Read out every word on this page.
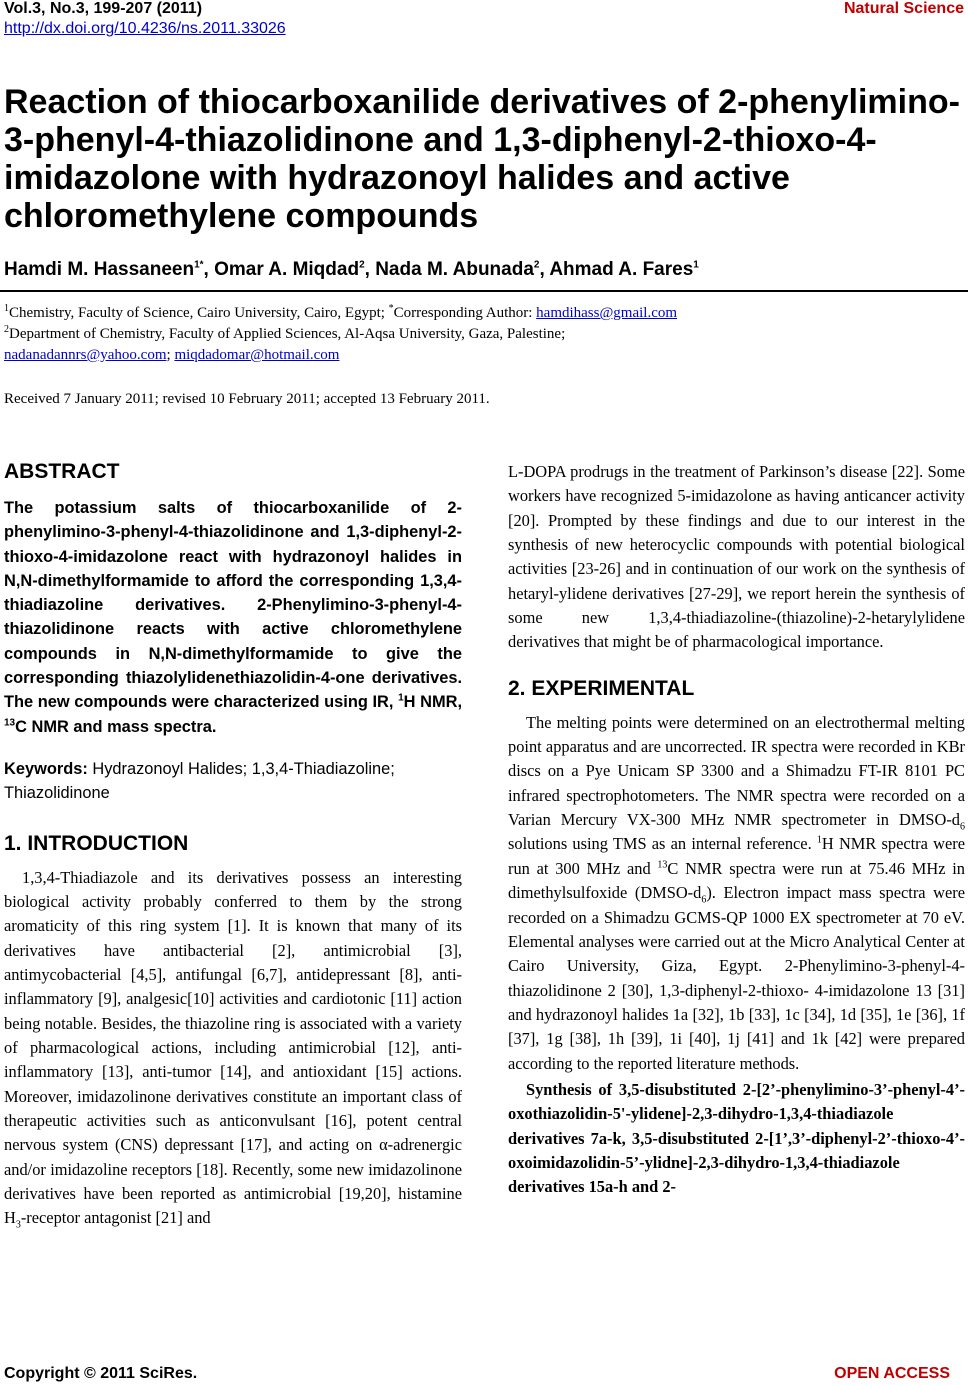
Vol.3, No.3, 199-207 (2011)
http://dx.doi.org/10.4236/ns.2011.33026
Natural Science
Reaction of thiocarboxanilide derivatives of 2-phenylimino-3-phenyl-4-thiazolidinone and 1,3-diphenyl-2-thioxo-4-imidazolone with hydrazonoyl halides and active chloromethylene compounds
Hamdi M. Hassaneen$^{1*}$, Omar A. Miqdad$^2$, Nada M. Abunada$^2$, Ahmad A. Fares$^1$
$^1$Chemistry, Faculty of Science, Cairo University, Cairo, Egypt; *Corresponding Author: hamdihass@gmail.com
$^2$Department of Chemistry, Faculty of Applied Sciences, Al-Aqsa University, Gaza, Palestine;
nadanadannrs@yahoo.com; miqdadomar@hotmail.com
Received 7 January 2011; revised 10 February 2011; accepted 13 February 2011.
ABSTRACT

The potassium salts of thiocarboxanilide of 2-phenylimino-3-phenyl-4-thiazolidinone and 1,3-diphenyl-2-thioxo-4-imidazolone react with hydrazonoyl halides in N,N-dimethylformamide to afford the corresponding 1,3,4-thiadiazoline derivatives. 2-Phenylimino-3-phenyl-4-thiazolidinone reacts with active chloromethylene compounds in N,N-dimethylformamide to give the corresponding thiazolylidenethiazolidin-4-one derivatives. The new compounds were characterized using IR, $^1$H NMR, $^{13}$C NMR and mass spectra.

Keywords: Hydrazonoyl Halides; 1,3,4-Thiadiazoline; Thiazolidinone

1. INTRODUCTION

1,3,4-Thiadiazole and its derivatives possess an interesting biological activity probably conferred to them by the strong aromaticity of this ring system [1]. It is known that many of its derivatives have antibacterial [2], antimicrobial [3], antimycobacterial [4,5], antifungal [6,7], antidepressant [8], anti-inflammatory [9], analgesic[10] activities and cardiotonic [11] action being notable. Besides, the thiazoline ring is associated with a variety of pharmacological actions, including antimicrobial [12], anti-inflammatory [13], anti-tumor [14], and antioxidant [15] actions. Moreover, imidazolinone derivatives constitute an important class of therapeutic activities such as anticonvulsant [16], potent central nervous system (CNS) depressant [17], and acting on α-adrenergic and/or imidazoline receptors [18]. Recently, some new imidazolinone derivatives have been reported as antimicrobial [19,20], histamine $H_3$-receptor antagonist [21] and

L-DOPA prodrugs in the treatment of Parkinson’s disease [22]. Some workers have recognized 5-imidazolone as having anticancer activity [20]. Prompted by these findings and due to our interest in the synthesis of new heterocyclic compounds with potential biological activities [23-26] and in continuation of our work on the synthesis of hetaryl-ylidene derivatives [27-29], we report herein the synthesis of some new 1,3,4-thiadiazoline-(thiazoline)-2-hetarylylidene derivatives that might be of pharmacological importance.

2. EXPERIMENTAL

The melting points were determined on an electrothermal melting point apparatus and are uncorrected. IR spectra were recorded in KBr discs on a Pye Unicam SP 3300 and a Shimadzu FT-IR 8101 PC infrared spectrophotometers. The NMR spectra were recorded on a Varian Mercury VX-300 MHz NMR spectrometer in DMSO-$d_6$ solutions using TMS as an internal reference. $^1$H NMR spectra were run at 300 MHz and $^{13}$C NMR spectra were run at 75.46 MHz in dimethylsulfoxide $(DMSO-d_6)$. Electron impact mass spectra were recorded on a Shimadzu GCMS-QP 1000 EX spectrometer at 70 eV. Elemental analyses were carried out at the Micro Analytical Center at Cairo University, Giza, Egypt. 2-Phenylimino-3-phenyl-4-thiazolidinone 2 [30], 1,3-diphenyl-2-thioxo- 4-imidazolone 13 [31] and hydrazonoyl halides 1a [32], 1b [33], 1c [34], 1d [35], 1e [36], 1f [37], 1g [38], 1h [39], 1i [40], 1j [41] and 1k [42] were prepared according to the reported literature methods.

Synthesis of 3,5-disubstituted 2-[2’-phenylimino-3’-phenyl-4’-oxothiazolidin-5'-ylidene]-2,3-dihydro-1,3,4-thiadiazole derivatives 7a-k, 3,5-disubstituted 2-[1’,3’-diphenyl-2’-thioxo-4’-oxoimidazolidin-5’-ylidne]-2,3-dihydro-1,3,4-thiadiazole derivatives 15a-h and 2-

Copyright © 2011 SciRes.	OPEN ACCESS
